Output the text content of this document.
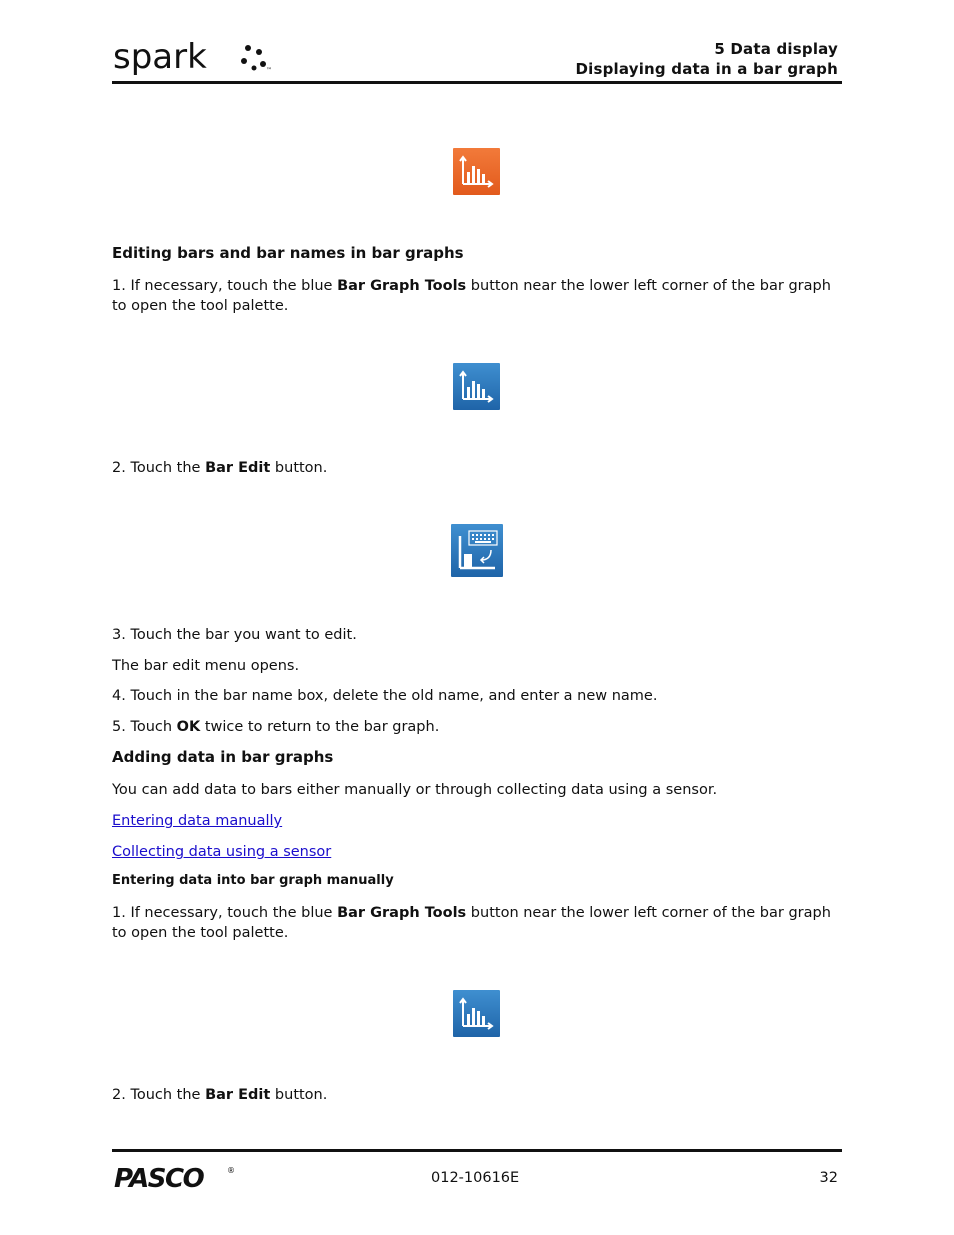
spark	™
5 Data display
Displaying data in a bar graph
Editing bars and bar names in bar graphs
1. If necessary, touch the blue Bar Graph Tools button near the lower left corner of the bar graph to open the tool palette.
2. Touch the Bar Edit button.
3. Touch the bar you want to edit.
The bar edit menu opens.
4. Touch in the bar name box, delete the old name, and enter a new name.
5. Touch OK twice to return to the bar graph.
Adding data in bar graphs
You can add data to bars either manually or through collecting data using a sensor.
Entering data manually
Collecting data using a sensor
Entering data into bar graph manually
1. If necessary, touch the blue Bar Graph Tools button near the lower left corner of the bar graph to open the tool palette.
2. Touch the Bar Edit button.
PASCO	®	012-10616E	32
